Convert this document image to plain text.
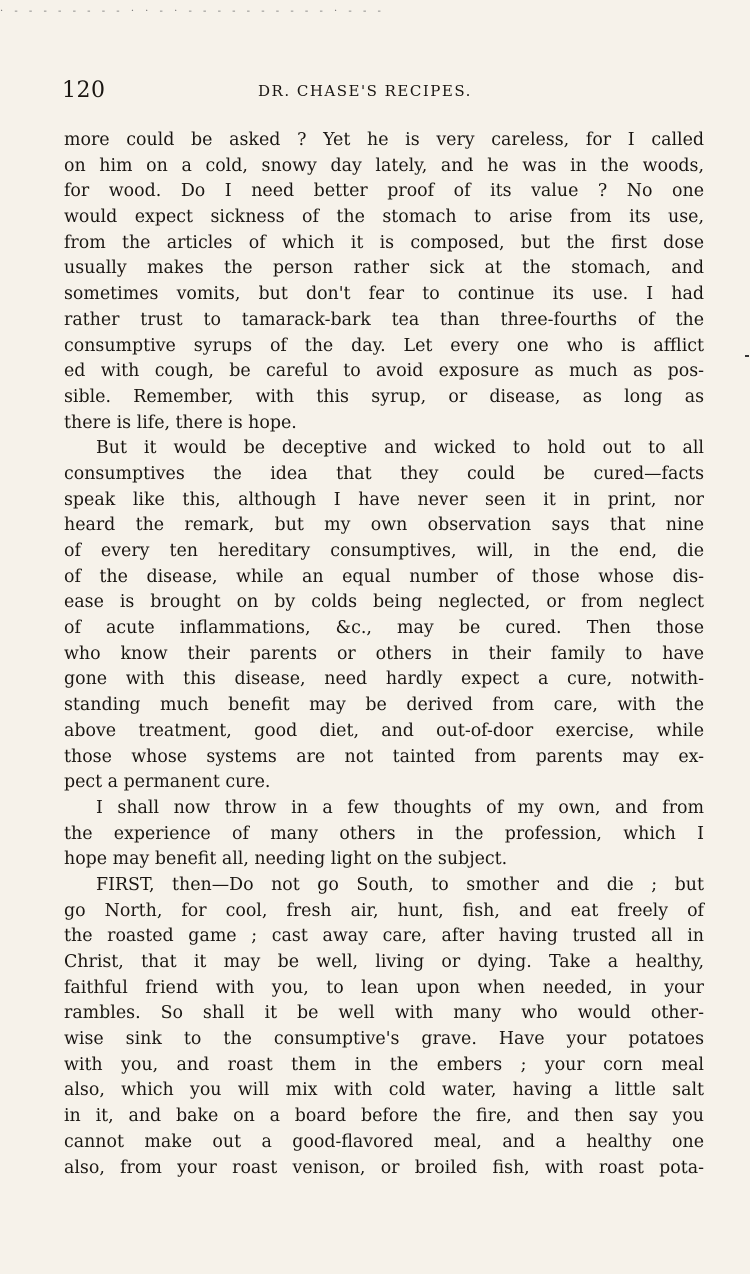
· - - - - - - - - · · - · - - - - - - - - - - · - - -
120	DR. CHASE'S RECIPES.
more could be asked ? Yet he is very careless, for I called
on him on a cold, snowy day lately, and he was in the woods,
for wood. Do I need better proof of its value ? No one
would expect sickness of the stomach to arise from its use,
from the articles of which it is composed, but the first dose
usually makes the person rather sick at the stomach, and
sometimes vomits, but don't fear to continue its use. I had
rather trust to tamarack-bark tea than three-fourths of the
consumptive syrups of the day. Let every one who is afflict
ed with cough, be careful to avoid exposure as much as pos-
sible. Remember, with this syrup, or disease, as long as
there is life, there is hope.
But it would be deceptive and wicked to hold out to all
consumptives the idea that they could be cured—facts
speak like this, although I have never seen it in print, nor
heard the remark, but my own observation says that nine
of every ten hereditary consumptives, will, in the end, die
of the disease, while an equal number of those whose dis-
ease is brought on by colds being neglected, or from neglect
of acute inflammations, &c., may be cured. Then those
who know their parents or others in their family to have
gone with this disease, need hardly expect a cure, notwith-
standing much benefit may be derived from care, with the
above treatment, good diet, and out-of-door exercise, while
those whose systems are not tainted from parents may ex-
pect a permanent cure.
I shall now throw in a few thoughts of my own, and from
the experience of many others in the profession, which I
hope may benefit all, needing light on the subject.
FIRST, then—Do not go South, to smother and die ; but
go North, for cool, fresh air, hunt, fish, and eat freely of
the roasted game ; cast away care, after having trusted all in
Christ, that it may be well, living or dying. Take a healthy,
faithful friend with you, to lean upon when needed, in your
rambles. So shall it be well with many who would other-
wise sink to the consumptive's grave. Have your potatoes
with you, and roast them in the embers ; your corn meal
also, which you will mix with cold water, having a little salt
in it, and bake on a board before the fire, and then say you
cannot make out a good-flavored meal, and a healthy one
also, from your roast venison, or broiled fish, with roast pota-
